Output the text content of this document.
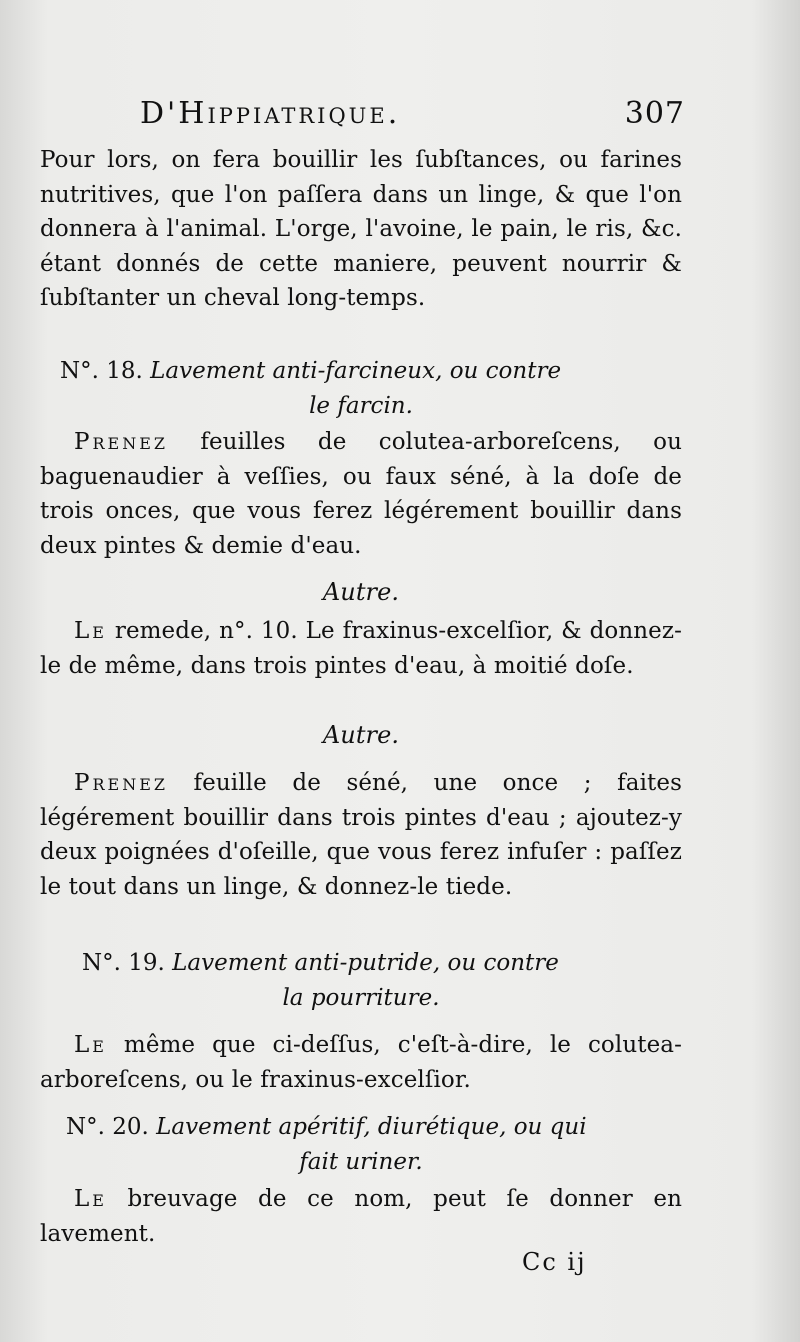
D'Hippiatrique.	307

Pour lors, on fera bouillir les ſubſtances, ou farines nutritives, que l'on paſſera dans un linge, & que l'on donnera à l'animal. L'orge, l'avoine, le pain, le ris, &c. étant donnés de cette maniere, peuvent nourrir & ſubſtanter un cheval long-temps.

N°. 18. Lavement anti-farcineux, ou contre
le farcin.

Prenez feuilles de colutea-arboreſcens, ou baguenaudier à veſſies, ou faux séné, à la doſe de trois onces, que vous ferez légérement bouillir dans deux pintes & demie d'eau.

Autre.

Le remede, n°. 10. Le fraxinus-excelſior, & donnez-le de même, dans trois pintes d'eau, à moitié doſe.

Autre.

Prenez feuille de séné, une once ; faites légérement bouillir dans trois pintes d'eau ; ajoutez-y deux poignées d'oſeille, que vous ferez infuſer : paſſez le tout dans un linge, & donnez-le tiede.

N°. 19. Lavement anti-putride, ou contre
la pourriture.

Le même que ci-deſſus, c'eſt-à-dire, le colutea-arboreſcens, ou le fraxinus-excelſior.

N°. 20. Lavement apéritif, diurétique, ou qui
fait uriner.

Le breuvage de ce nom, peut ſe donner en lavement.

Cc ij
